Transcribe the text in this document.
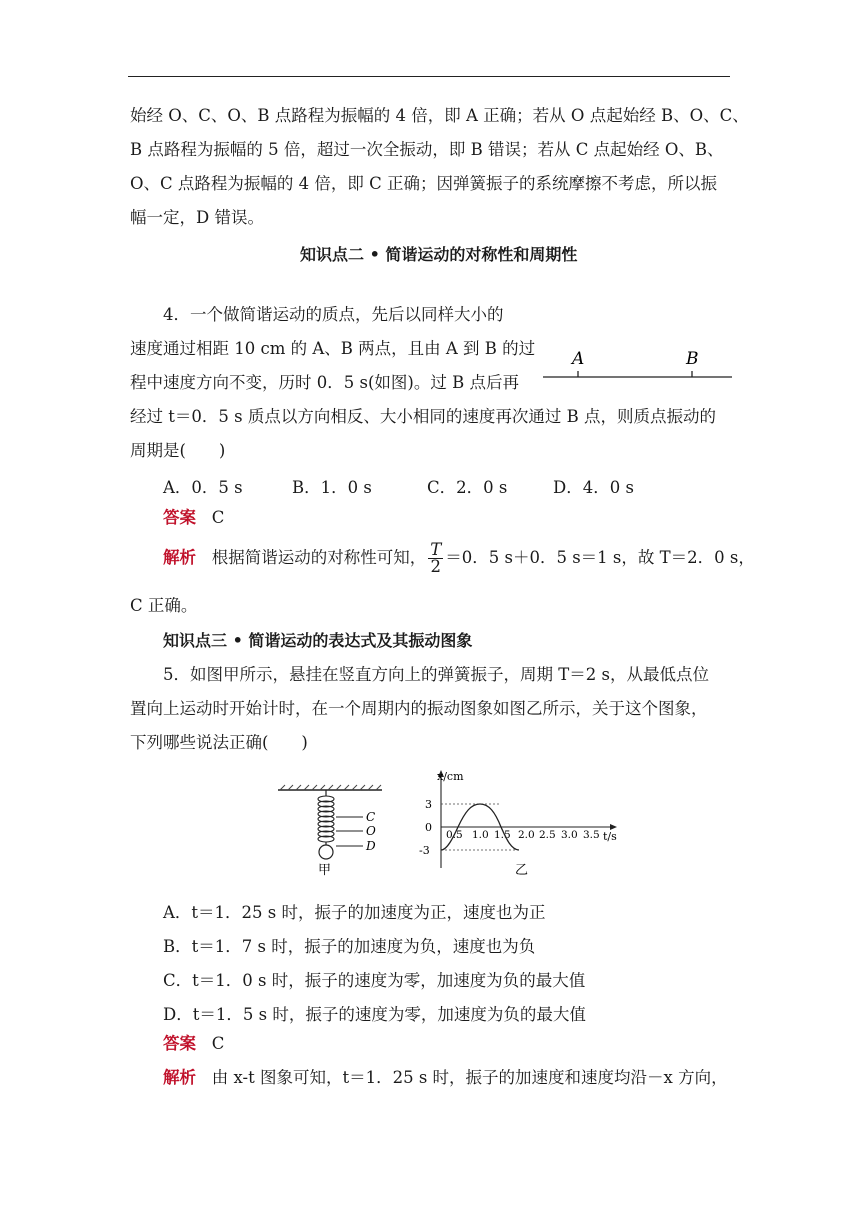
始经 O、C、O、B 点路程为振幅的 4 倍，即 A 正确；若从 O 点起始经 B、O、C、
B 点路程为振幅的 5 倍，超过一次全振动，即 B 错误；若从 C 点起始经 O、B、
O、C 点路程为振幅的 4 倍，即 C 正确；因弹簧振子的系统摩擦不考虑，所以振
幅一定，D 错误。
知识点二 • 简谐运动的对称性和周期性
4．一个做简谐运动的质点，先后以同样大小的
速度通过相距 10 cm 的 A、B 两点，且由 A 到 B 的过
程中速度方向不变，历时 0．5 s(如图)。过 B 点后再
经过 t＝0．5 s 质点以方向相反、大小相同的速度再次通过 B 点，则质点振动的
周期是(　　)
A	B
A．0．5 s	B．1．0 s	C．2．0 s	D．4．0 s
答案 C
解析 根据简谐运动的对称性可知， $\frac{T}{2} =0$．5 s＋0．5 s＝1 s，故 T＝2．0 s，
C 正确。
知识点三 • 简谐运动的表达式及其振动图象
5．如图甲所示，悬挂在竖直方向上的弹簧振子，周期 T＝2 s，从最低点位
置向上运动时开始计时，在一个周期内的振动图象如图乙所示，关于这个图象，
下列哪些说法正确(　　)
C
O
D
甲
x/cm
t/s
3
0
-3
0.5 1.0 1.5 2.0 2.5 3.0 3.5
乙
A．t＝1．25 s 时，振子的加速度为正，速度也为正
B．t＝1．7 s 时，振子的加速度为负，速度也为负
C．t＝1．0 s 时，振子的速度为零，加速度为负的最大值
D．t＝1．5 s 时，振子的速度为零，加速度为负的最大值
答案 C
解析 由 x-t 图象可知，t＝1．25 s 时，振子的加速度和速度均沿－x 方向，
